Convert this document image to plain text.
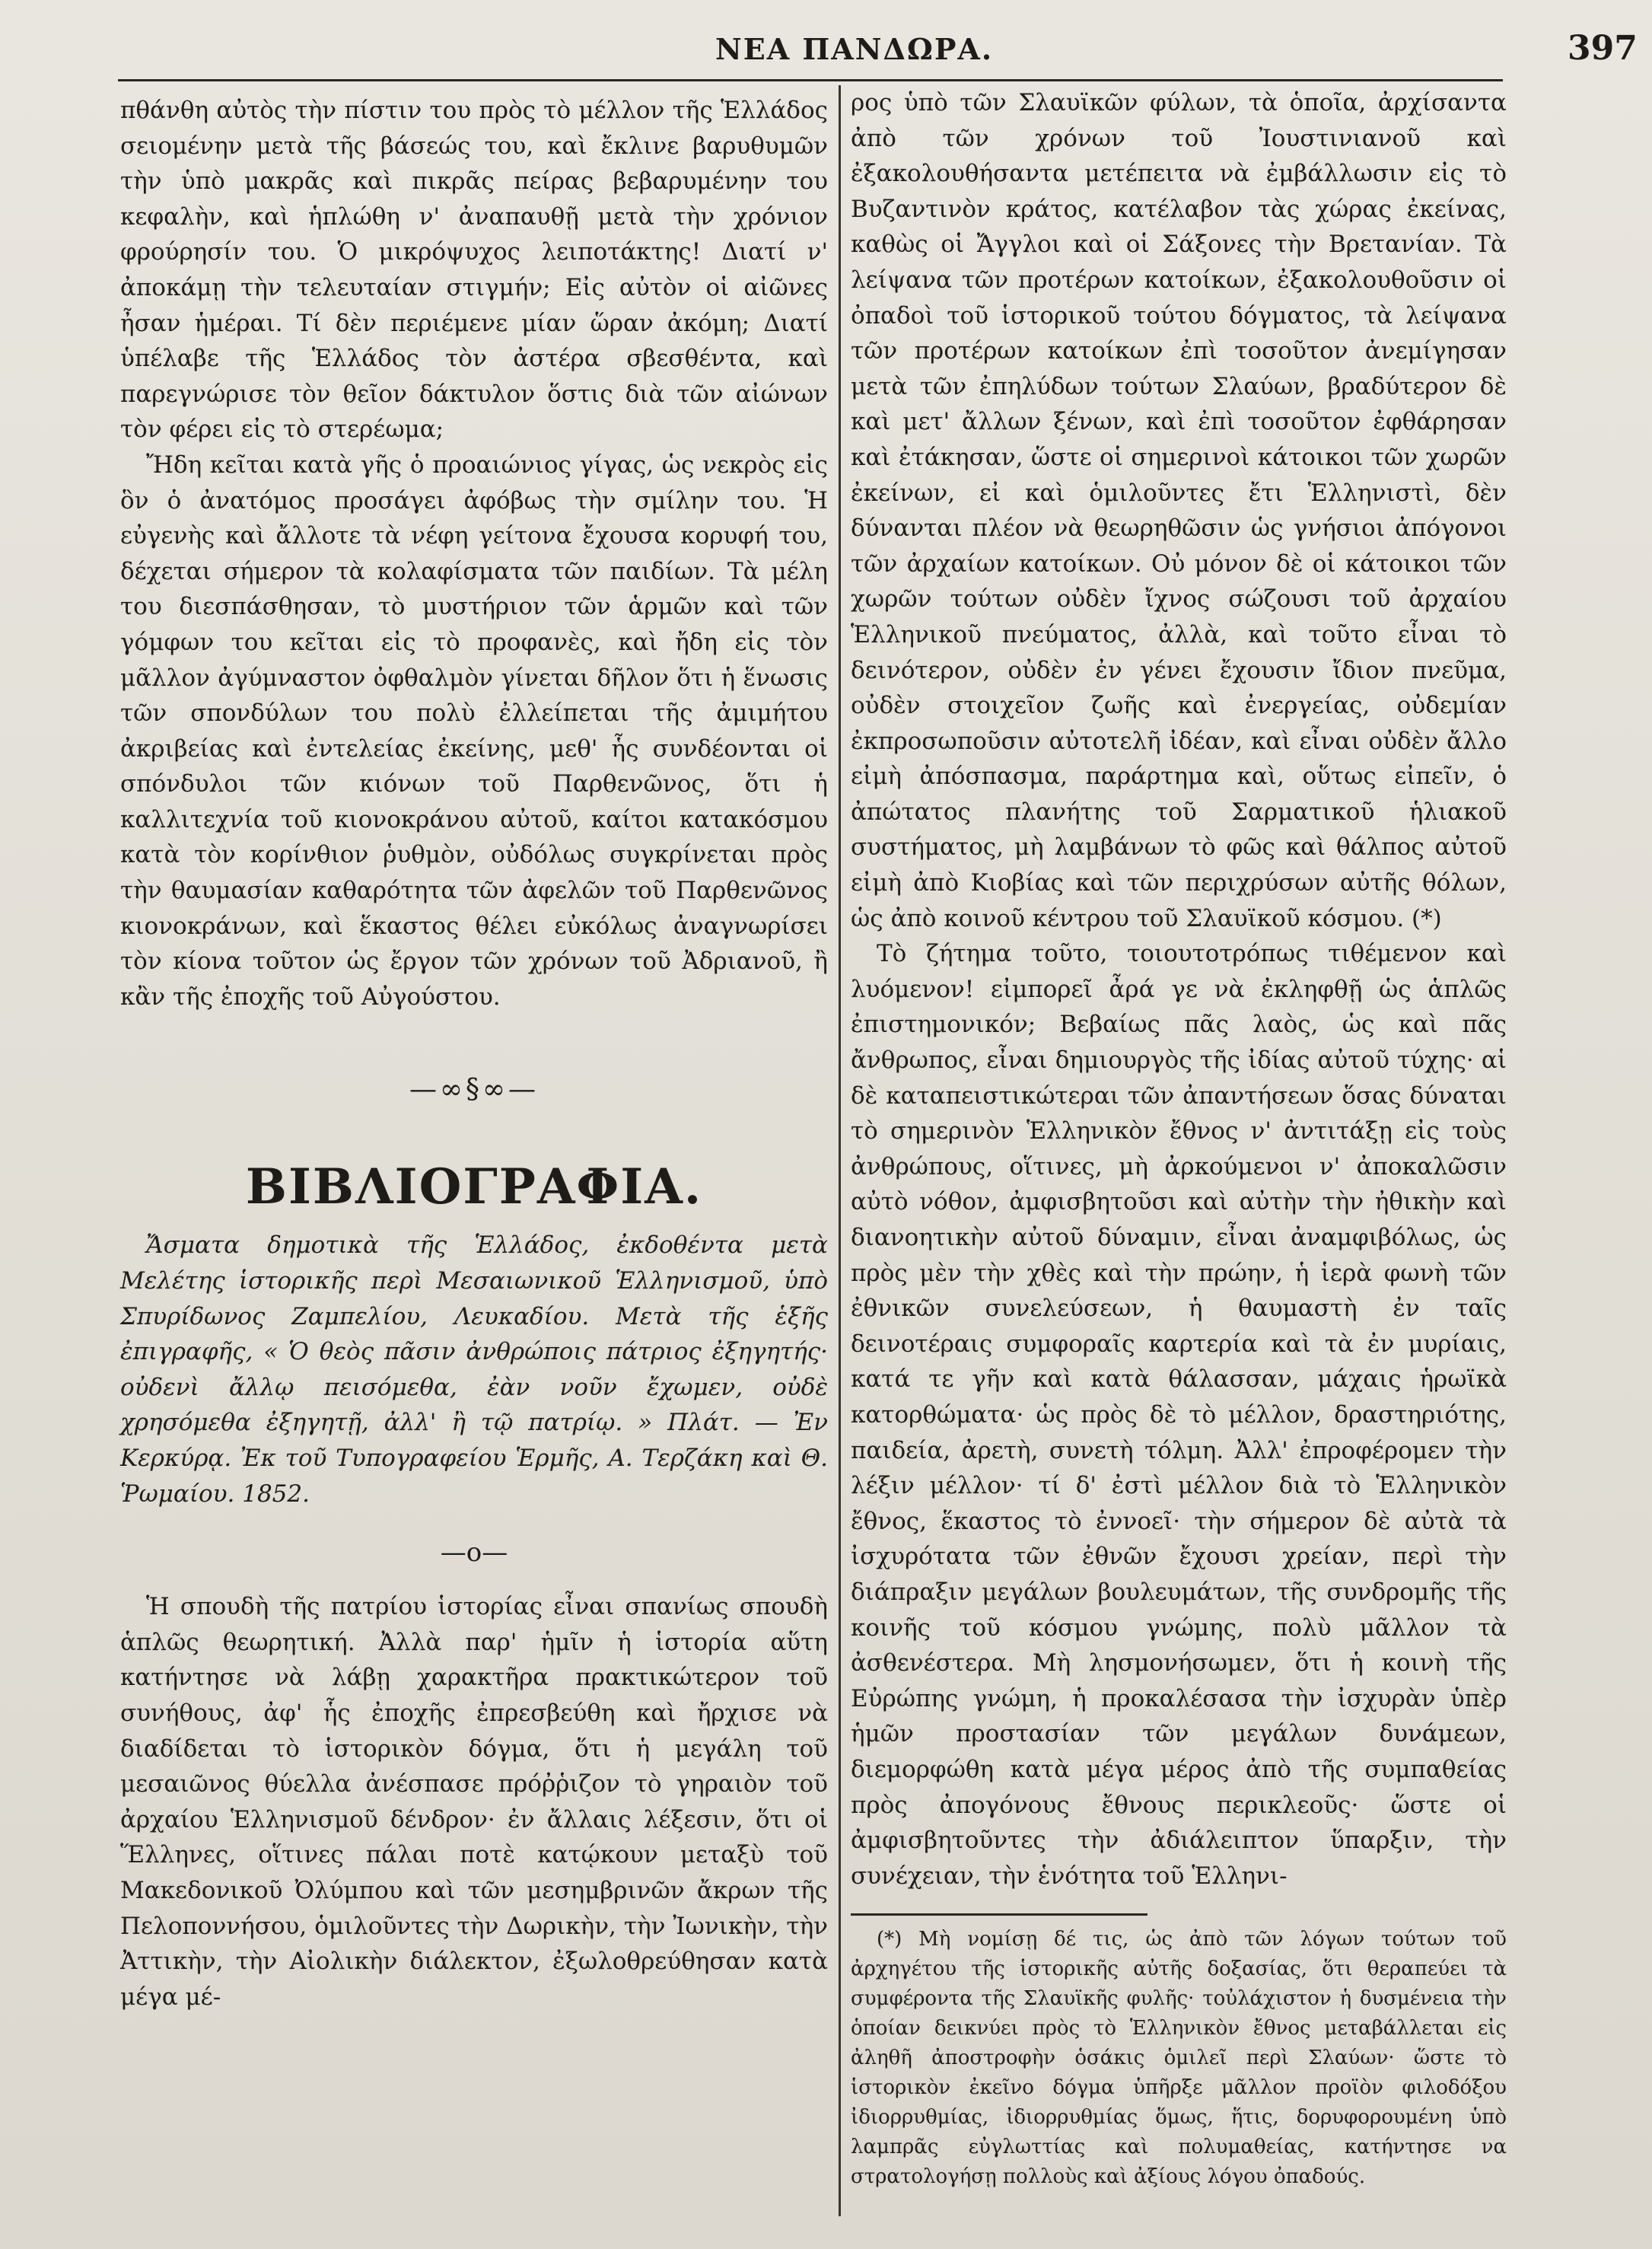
ΝΕΑ ΠΑΝΔΩΡΑ.	397

πθάνθη αὐτὸς τὴν πίστιν του πρὸς τὸ μέλλον τῆς Ἑλλάδος σειομένην μετὰ τῆς βάσεώς του, καὶ ἔκλινε βαρυθυμῶν τὴν ὑπὸ μακρᾶς καὶ πικρᾶς πείρας βεβαρυμένην του κεφαλὴν, καὶ ἡπλώθη ν' ἀναπαυθῇ μετὰ τὴν χρόνιον φρούρησίν του. Ὁ μικρόψυχος λειποτάκτης! Διατί ν' ἀποκάμῃ τὴν τελευταίαν στιγμήν; Εἰς αὐτὸν οἱ αἰῶνες ἦσαν ἡμέραι. Τί δὲν περιέμενε μίαν ὥραν ἀκόμη; Διατί ὑπέλαβε τῆς Ἑλλάδος τὸν ἀστέρα σβεσθέντα, καὶ παρεγνώρισε τὸν θεῖον δάκτυλον ὅστις διὰ τῶν αἰώνων τὸν φέρει εἰς τὸ στερέωμα;

Ἤδη κεῖται κατὰ γῆς ὁ προαιώνιος γίγας, ὡς νεκρὸς εἰς ὃν ὁ ἀνατόμος προσάγει ἀφόβως τὴν σμίλην του. Ἡ εὐγενὴς καὶ ἄλλοτε τὰ νέφη γείτονα ἔχουσα κορυφή του, δέχεται σήμερον τὰ κολαφίσματα τῶν παιδίων. Τὰ μέλη του διεσπάσθησαν, τὸ μυστήριον τῶν ἁρμῶν καὶ τῶν γόμφων του κεῖται εἰς τὸ προφανὲς, καὶ ἤδη εἰς τὸν μᾶλλον ἀγύμναστον ὀφθαλμὸν γίνεται δῆλον ὅτι ἡ ἕνωσις τῶν σπονδύλων του πολὺ ἐλλείπεται τῆς ἀμιμήτου ἀκριβείας καὶ ἐντελείας ἐκείνης, μεθ' ἧς συνδέονται οἱ σπόνδυλοι τῶν κιόνων τοῦ Παρθενῶνος, ὅτι ἡ καλλιτεχνία τοῦ κιονοκράνου αὐτοῦ, καίτοι κατακόσμου κατὰ τὸν κορίνθιον ῥυθμὸν, οὐδόλως συγκρίνεται πρὸς τὴν θαυμασίαν καθαρότητα τῶν ἀφελῶν τοῦ Παρθενῶνος κιονοκράνων, καὶ ἕκαστος θέλει εὐκόλως ἀναγνωρίσει τὸν κίονα τοῦτον ὡς ἔργον τῶν χρόνων τοῦ Ἀδριανοῦ, ἢ κἂν τῆς ἐποχῆς τοῦ Αὐγούστου.

—∞§∞—
ΒΙΒΛΙΟΓΡΑΦΙΑ.

Ἄσματα δημοτικὰ τῆς Ἑλλάδος, ἐκδοθέντα μετὰ Μελέτης ἱστορικῆς περὶ Μεσαιωνικοῦ Ἑλληνισμοῦ, ὑπὸ Σπυρίδωνος Ζαμπελίου, Λευκαδίου. Μετὰ τῆς ἑξῆς ἐπιγραφῆς, « Ὁ θεὸς πᾶσιν ἀνθρώποις πάτριος ἐξηγητής· οὐδενὶ ἄλλῳ πεισόμεθα, ἐὰν νοῦν ἔχωμεν, οὐδὲ χρησόμεθα ἐξηγητῇ, ἀλλ' ἢ τῷ πατρίῳ. » Πλάτ. — Ἐν Κερκύρᾳ. Ἐκ τοῦ Τυπογραφείου Ἑρμῆς, Α. Τερζάκη καὶ Θ. Ῥωμαίου. 1852.

—o—

Ἡ σπουδὴ τῆς πατρίου ἱστορίας εἶναι σπανίως σπουδὴ ἁπλῶς θεωρητική. Ἀλλὰ παρ' ἡμῖν ἡ ἱστορία αὕτη κατήντησε νὰ λάβῃ χαρακτῆρα πρακτικώτερον τοῦ συνήθους, ἀφ' ἧς ἐποχῆς ἐπρεσβεύθη καὶ ἤρχισε νὰ διαδίδεται τὸ ἱστορικὸν δόγμα, ὅτι ἡ μεγάλη τοῦ μεσαιῶνος θύελλα ἀνέσπασε πρόῤῥιζον τὸ γηραιὸν τοῦ ἀρχαίου Ἑλληνισμοῦ δένδρον· ἐν ἄλλαις λέξεσιν, ὅτι οἱ Ἕλληνες, οἵτινες πάλαι ποτὲ κατῴκουν μεταξὺ τοῦ Μακεδονικοῦ Ὀλύμπου καὶ τῶν μεσημβρινῶν ἄκρων τῆς Πελοποννήσου, ὁμιλοῦντες τὴν Δωρικὴν, τὴν Ἰωνικὴν, τὴν Ἀττικὴν, τὴν Αἰολικὴν διάλεκτον, ἐξωλοθρεύθησαν κατὰ μέγα μέ-

ρος ὑπὸ τῶν Σλαυϊκῶν φύλων, τὰ ὁποῖα, ἀρχίσαντα ἀπὸ τῶν χρόνων τοῦ Ἰουστινιανοῦ καὶ ἐξακολουθήσαντα μετέπειτα νὰ ἐμβάλλωσιν εἰς τὸ Βυζαντινὸν κράτος, κατέλαβον τὰς χώρας ἐκείνας, καθὼς οἱ Ἄγγλοι καὶ οἱ Σάξονες τὴν Βρετανίαν. Τὰ λείψανα τῶν προτέρων κατοίκων, ἐξακολουθοῦσιν οἱ ὀπαδοὶ τοῦ ἱστορικοῦ τούτου δόγματος, τὰ λείψανα τῶν προτέρων κατοίκων ἐπὶ τοσοῦτον ἀνεμίγησαν μετὰ τῶν ἐπηλύδων τούτων Σλαύων, βραδύτερον δὲ καὶ μετ' ἄλλων ξένων, καὶ ἐπὶ τοσοῦτον ἐφθάρησαν καὶ ἐτάκησαν, ὥστε οἱ σημερινοὶ κάτοικοι τῶν χωρῶν ἐκείνων, εἰ καὶ ὁμιλοῦντες ἔτι Ἑλληνιστὶ, δὲν δύνανται πλέον νὰ θεωρηθῶσιν ὡς γνήσιοι ἀπόγονοι τῶν ἀρχαίων κατοίκων. Οὐ μόνον δὲ οἱ κάτοικοι τῶν χωρῶν τούτων οὐδὲν ἴχνος σώζουσι τοῦ ἀρχαίου Ἑλληνικοῦ πνεύματος, ἀλλὰ, καὶ τοῦτο εἶναι τὸ δεινότερον, οὐδὲν ἐν γένει ἔχουσιν ἴδιον πνεῦμα, οὐδὲν στοιχεῖον ζωῆς καὶ ἐνεργείας, οὐδεμίαν ἐκπροσωποῦσιν αὐτοτελῆ ἰδέαν, καὶ εἶναι οὐδὲν ἄλλο εἰμὴ ἀπόσπασμα, παράρτημα καὶ, οὕτως εἰπεῖν, ὁ ἀπώτατος πλανήτης τοῦ Σαρματικοῦ ἡλιακοῦ συστήματος, μὴ λαμβάνων τὸ φῶς καὶ θάλπος αὐτοῦ εἰμὴ ἀπὸ Κιοβίας καὶ τῶν περιχρύσων αὐτῆς θόλων, ὡς ἀπὸ κοινοῦ κέντρου τοῦ Σλαυϊκοῦ κόσμου. (*)

Τὸ ζήτημα τοῦτο, τοιουτοτρόπως τιθέμενον καὶ λυόμενον! εἰμπορεῖ ἆρά γε νὰ ἐκληφθῇ ὡς ἁπλῶς ἐπιστημονικόν; Βεβαίως πᾶς λαὸς, ὡς καὶ πᾶς ἄνθρωπος, εἶναι δημιουργὸς τῆς ἰδίας αὐτοῦ τύχης· αἱ δὲ καταπειστικώτεραι τῶν ἀπαντήσεων ὅσας δύναται τὸ σημερινὸν Ἑλληνικὸν ἔθνος ν' ἀντιτάξῃ εἰς τοὺς ἀνθρώπους, οἵτινες, μὴ ἀρκούμενοι ν' ἀποκαλῶσιν αὐτὸ νόθον, ἀμφισβητοῦσι καὶ αὐτὴν τὴν ἠθικὴν καὶ διανοητικὴν αὐτοῦ δύναμιν, εἶναι ἀναμφιβόλως, ὡς πρὸς μὲν τὴν χθὲς καὶ τὴν πρώην, ἡ ἱερὰ φωνὴ τῶν ἐθνικῶν συνελεύσεων, ἡ θαυμαστὴ ἐν ταῖς δεινοτέραις συμφοραῖς καρτερία καὶ τὰ ἐν μυρίαις, κατά τε γῆν καὶ κατὰ θάλασσαν, μάχαις ἡρωϊκὰ κατορθώματα· ὡς πρὸς δὲ τὸ μέλλον, δραστηριότης, παιδεία, ἀρετὴ, συνετὴ τόλμη. Ἀλλ' ἐπροφέρομεν τὴν λέξιν μέλλον· τί δ' ἐστὶ μέλλον διὰ τὸ Ἑλληνικὸν ἔθνος, ἕκαστος τὸ ἐννοεῖ· τὴν σήμερον δὲ αὐτὰ τὰ ἰσχυρότατα τῶν ἐθνῶν ἔχουσι χρείαν, περὶ τὴν διάπραξιν μεγάλων βουλευμάτων, τῆς συνδρομῆς τῆς κοινῆς τοῦ κόσμου γνώμης, πολὺ μᾶλλον τὰ ἀσθενέστερα. Μὴ λησμονήσωμεν, ὅτι ἡ κοινὴ τῆς Εὐρώπης γνώμη, ἡ προκαλέσασα τὴν ἰσχυρὰν ὑπὲρ ἡμῶν προστασίαν τῶν μεγάλων δυνάμεων, διεμορφώθη κατὰ μέγα μέρος ἀπὸ τῆς συμπαθείας πρὸς ἀπογόνους ἔθνους περικλεοῦς· ὥστε οἱ ἀμφισβητοῦντες τὴν ἀδιάλειπτον ὕπαρξιν, τὴν συνέχειαν, τὴν ἑνότητα τοῦ Ἑλληνι-

(*) Μὴ νομίσῃ δέ τις, ὡς ἀπὸ τῶν λόγων τούτων τοῦ ἀρχηγέτου τῆς ἱστορικῆς αὐτῆς δοξασίας, ὅτι θεραπεύει τὰ συμφέροντα τῆς Σλαυϊκῆς φυλῆς· τοὐλάχιστον ἡ δυσμένεια τὴν ὁποίαν δεικνύει πρὸς τὸ Ἑλληνικὸν ἔθνος μεταβάλλεται εἰς ἀληθῆ ἀποστροφὴν ὁσάκις ὁμιλεῖ περὶ Σλαύων· ὥστε τὸ ἱστορικὸν ἐκεῖνο δόγμα ὑπῆρξε μᾶλλον προϊὸν φιλοδόξου ἰδιορρυθμίας, ἰδιορρυθμίας ὅμως, ἥτις, δορυφορουμένη ὑπὸ λαμπρᾶς εὐγλωττίας καὶ πολυμαθείας, κατήντησε να στρατολογήσῃ πολλοὺς καὶ ἀξίους λόγου ὀπαδούς.
